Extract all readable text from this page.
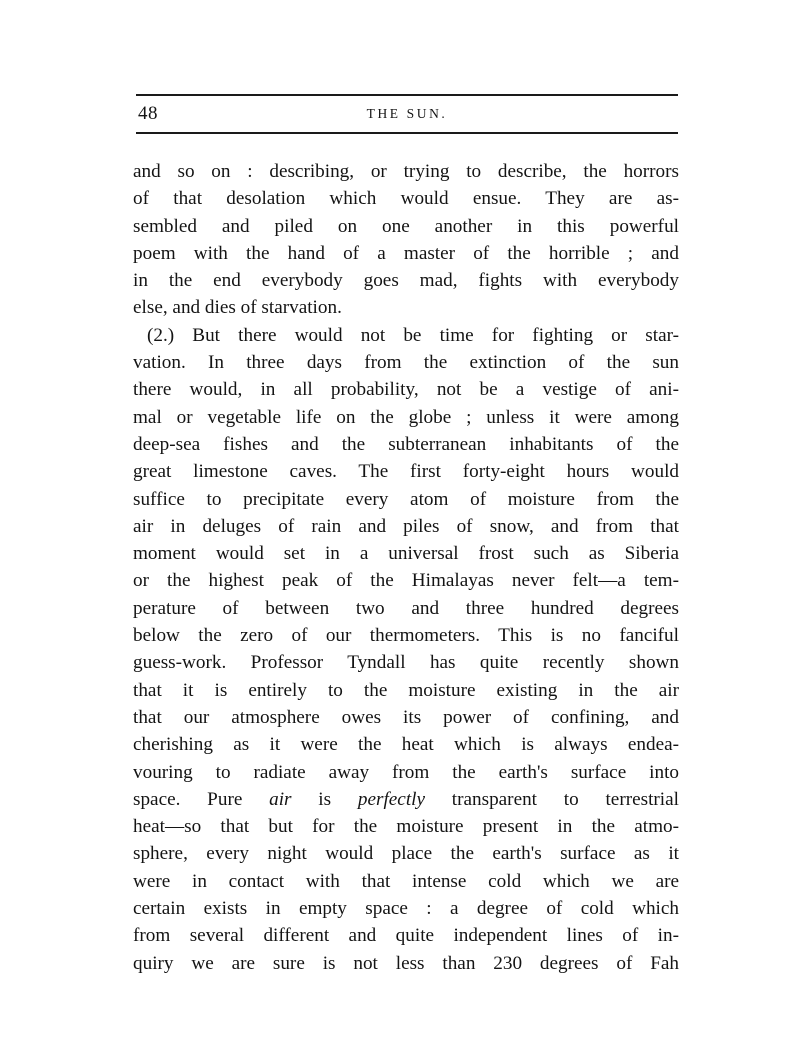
48	THE SUN.
and so on : describing, or trying to describe, the horrors
of that desolation which would ensue. They are as-
sembled and piled on one another in this powerful
poem with the hand of a master of the horrible ; and
in the end everybody goes mad, fights with everybody
else, and dies of starvation.
(2.) But there would not be time for fighting or star-
vation. In three days from the extinction of the sun
there would, in all probability, not be a vestige of ani-
mal or vegetable life on the globe ; unless it were among
deep-sea fishes and the subterranean inhabitants of the
great limestone caves. The first forty-eight hours would
suffice to precipitate every atom of moisture from the
air in deluges of rain and piles of snow, and from that
moment would set in a universal frost such as Siberia
or the highest peak of the Himalayas never felt—a tem-
perature of between two and three hundred degrees
below the zero of our thermometers. This is no fanciful
guess-work. Professor Tyndall has quite recently shown
that it is entirely to the moisture existing in the air
that our atmosphere owes its power of confining, and
cherishing as it were the heat which is always endea-
vouring to radiate away from the earth's surface into
space. Pure air is perfectly transparent to terrestrial
heat—so that but for the moisture present in the atmo-
sphere, every night would place the earth's surface as it
were in contact with that intense cold which we are
certain exists in empty space : a degree of cold which
from several different and quite independent lines of in-
quiry we are sure is not less than 230 degrees of Fah
